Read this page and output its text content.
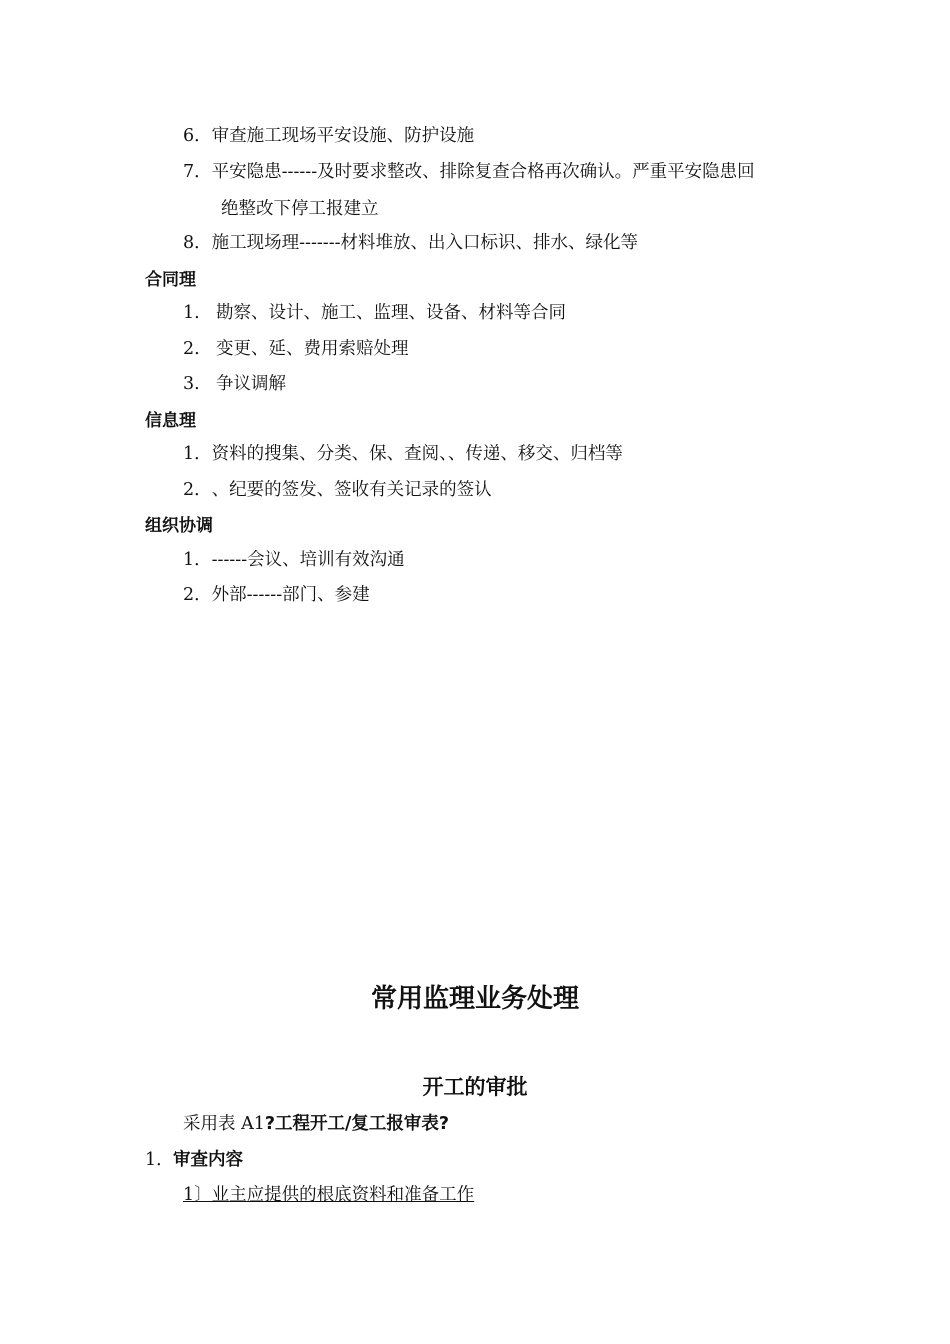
6．审查施工现场平安设施、防护设施
7．平安隐患------及时要求整改、排除复查合格再次确认。严重平安隐患回
绝整改下停工报建立
8．施工现场理-------材料堆放、出入口标识、排水、绿化等
合同理
1. 勘察、设计、施工、监理、设备、材料等合同
2. 变更、延、费用索赔处理
3. 争议调解
信息理
1．资料的搜集、分类、保、查阅、、传递、移交、归档等
2．、纪要的签发、签收有关记录的签认
组织协调
1．------会议、培训有效沟通
2．外部------部门、参建
常用监理业务处理
开工的审批
采用表 A1?工程开工/复工报审表?
1．审查内容
1〕业主应提供的根底资料和准备工作
